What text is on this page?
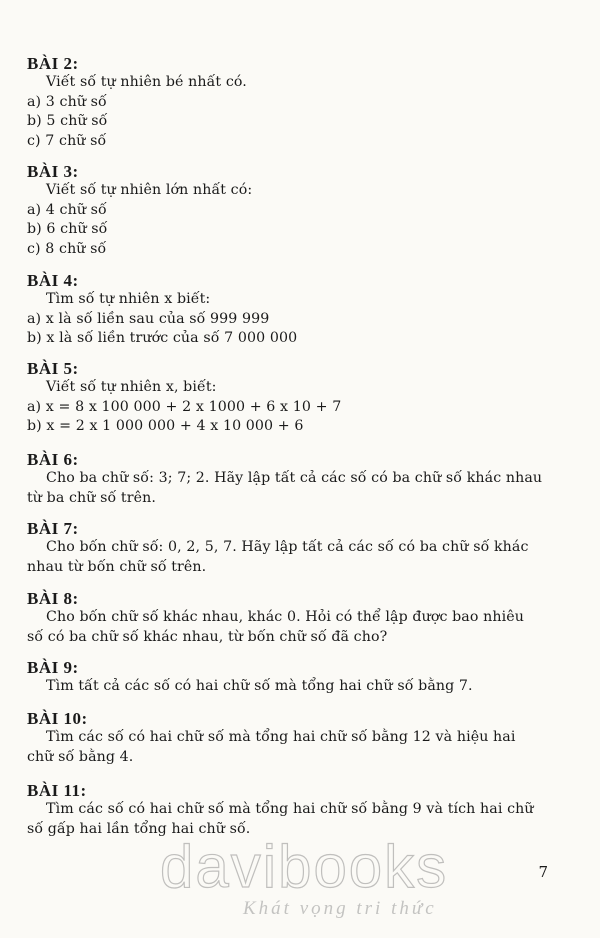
BÀI 2:
Viết số tự nhiên bé nhất có.
a) 3 chữ số
b) 5 chữ số
c) 7 chữ số
BÀI 3:
Viết số tự nhiên lớn nhất có:
a) 4 chữ số
b) 6 chữ số
c) 8 chữ số
BÀI 4:
Tìm số tự nhiên x biết:
a) x là số liền sau của số 999 999
b) x là số liền trước của số 7 000 000
BÀI 5:
Viết số tự nhiên x, biết:
a) x = 8 x 100 000 + 2 x 1000 + 6 x 10 + 7
b) x = 2 x 1 000 000 + 4 x 10 000 + 6
BÀI 6:
Cho ba chữ số: 3; 7; 2. Hãy lập tất cả các số có ba chữ số khác nhau
từ ba chữ số trên.
BÀI 7:
Cho bốn chữ số: 0, 2, 5, 7. Hãy lập tất cả các số có ba chữ số khác
nhau từ bốn chữ số trên.
BÀI 8:
Cho bốn chữ số khác nhau, khác 0. Hỏi có thể lập được bao nhiêu
số có ba chữ số khác nhau, từ bốn chữ số đã cho?
BÀI 9:
Tìm tất cả các số có hai chữ số mà tổng hai chữ số bằng 7.
BÀI 10:
Tìm các số có hai chữ số mà tổng hai chữ số bằng 12 và hiệu hai
chữ số bằng 4.
BÀI 11:
Tìm các số có hai chữ số mà tổng hai chữ số bằng 9 và tích hai chữ
số gấp hai lần tổng hai chữ số.
davibooks
Khát vọng tri thức
7
